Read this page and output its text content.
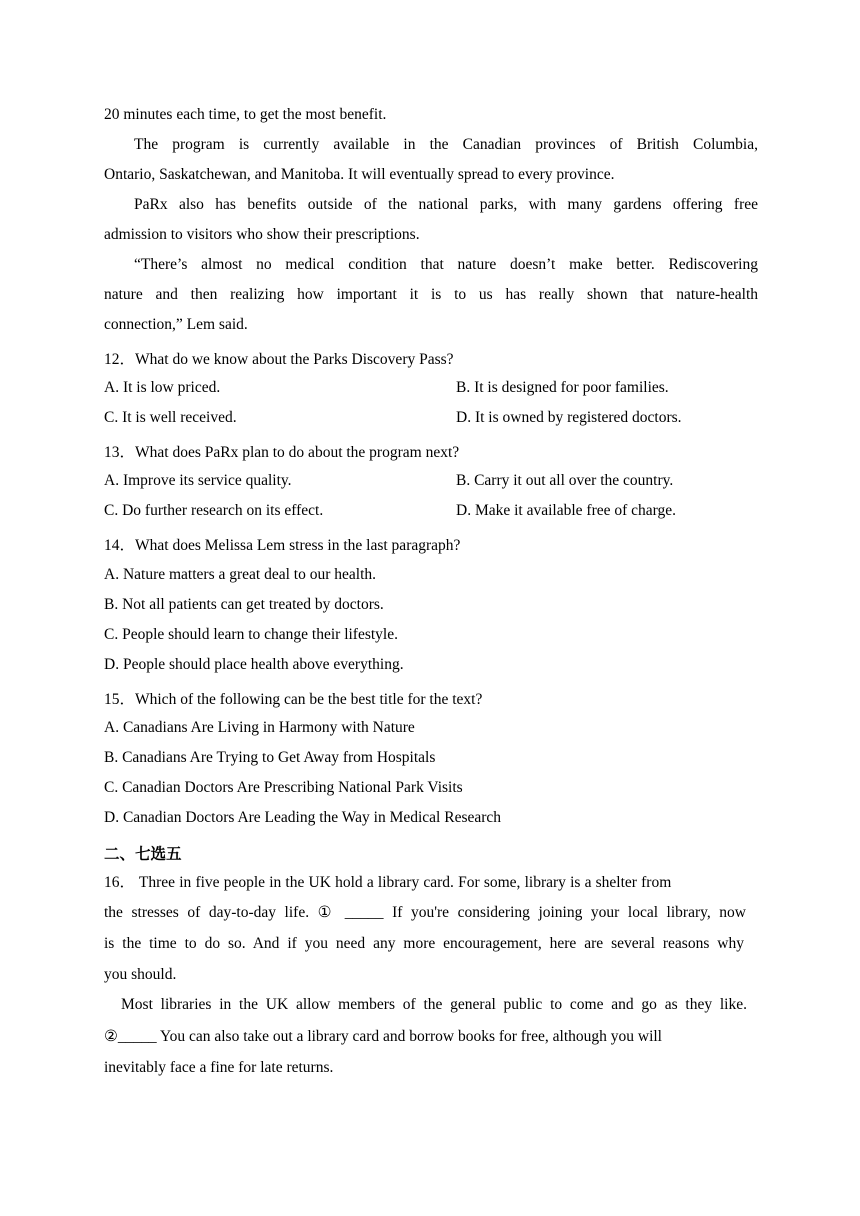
20 minutes each time, to get the most benefit.
The program is currently available in the Canadian provinces of British Columbia,
Ontario, Saskatchewan, and Manitoba. It will eventually spread to every province.
PaRx also has benefits outside of the national parks, with many gardens offering free
admission to visitors who show their prescriptions.
“There’s almost no medical condition that nature doesn’t make better. Rediscovering
nature and then realizing how important it is to us has really shown that nature-health
connection,” Lem said.
12．What do we know about the Parks Discovery Pass?
A. It is low priced.	B. It is designed for poor families.
C. It is well received.	D. It is owned by registered doctors.
13．What does PaRx plan to do about the program next?
A. Improve its service quality.	B. Carry it out all over the country.
C. Do further research on its effect.	D. Make it available free of charge.
14．What does Melissa Lem stress in the last paragraph?
A. Nature matters a great deal to our health.
B. Not all patients can get treated by doctors.
C. People should learn to change their lifestyle.
D. People should place health above everything.
15．Which of the following can be the best title for the text?
A. Canadians Are Living in Harmony with Nature
B. Canadians Are Trying to Get Away from Hospitals
C. Canadian Doctors Are Prescribing National Park Visits
D. Canadian Doctors Are Leading the Way in Medical Research
二、七选五
16． Three in five people in the UK hold a library card. For some, library is a shelter from
the stresses of day-to-day life. ① _____ If you're considering joining your local library, now
is the time to do so. And if you need any more encouragement, here are several reasons why
you should.
Most libraries in the UK allow members of the general public to come and go as they like.
②_____ You can also take out a library card and borrow books for free, although you will
inevitably face a fine for late returns.
